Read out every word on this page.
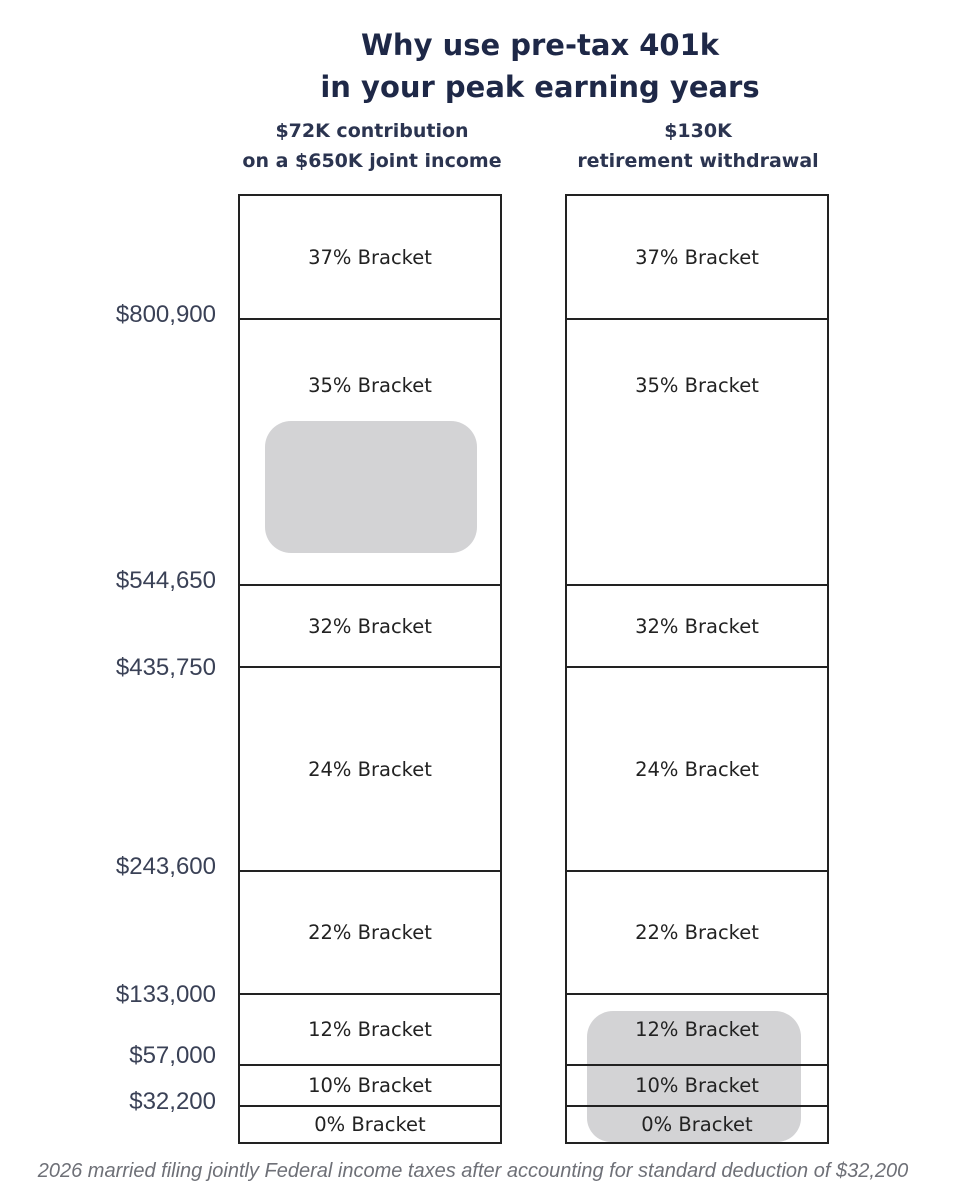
Why use pre-tax 401k
in your peak earning years
$72K contribution
on a $650K joint income
$130K
retirement withdrawal
37% Bracket
35% Bracket
32% Bracket
24% Bracket
22% Bracket
12% Bracket
10% Bracket
0% Bracket
37% Bracket
35% Bracket
32% Bracket
24% Bracket
22% Bracket
12% Bracket
10% Bracket
0% Bracket
$800,900
$544,650
$435,750
$243,600
$133,000
$57,000
$32,200
2026 married filing jointly Federal income taxes after accounting for standard deduction of $32,200
